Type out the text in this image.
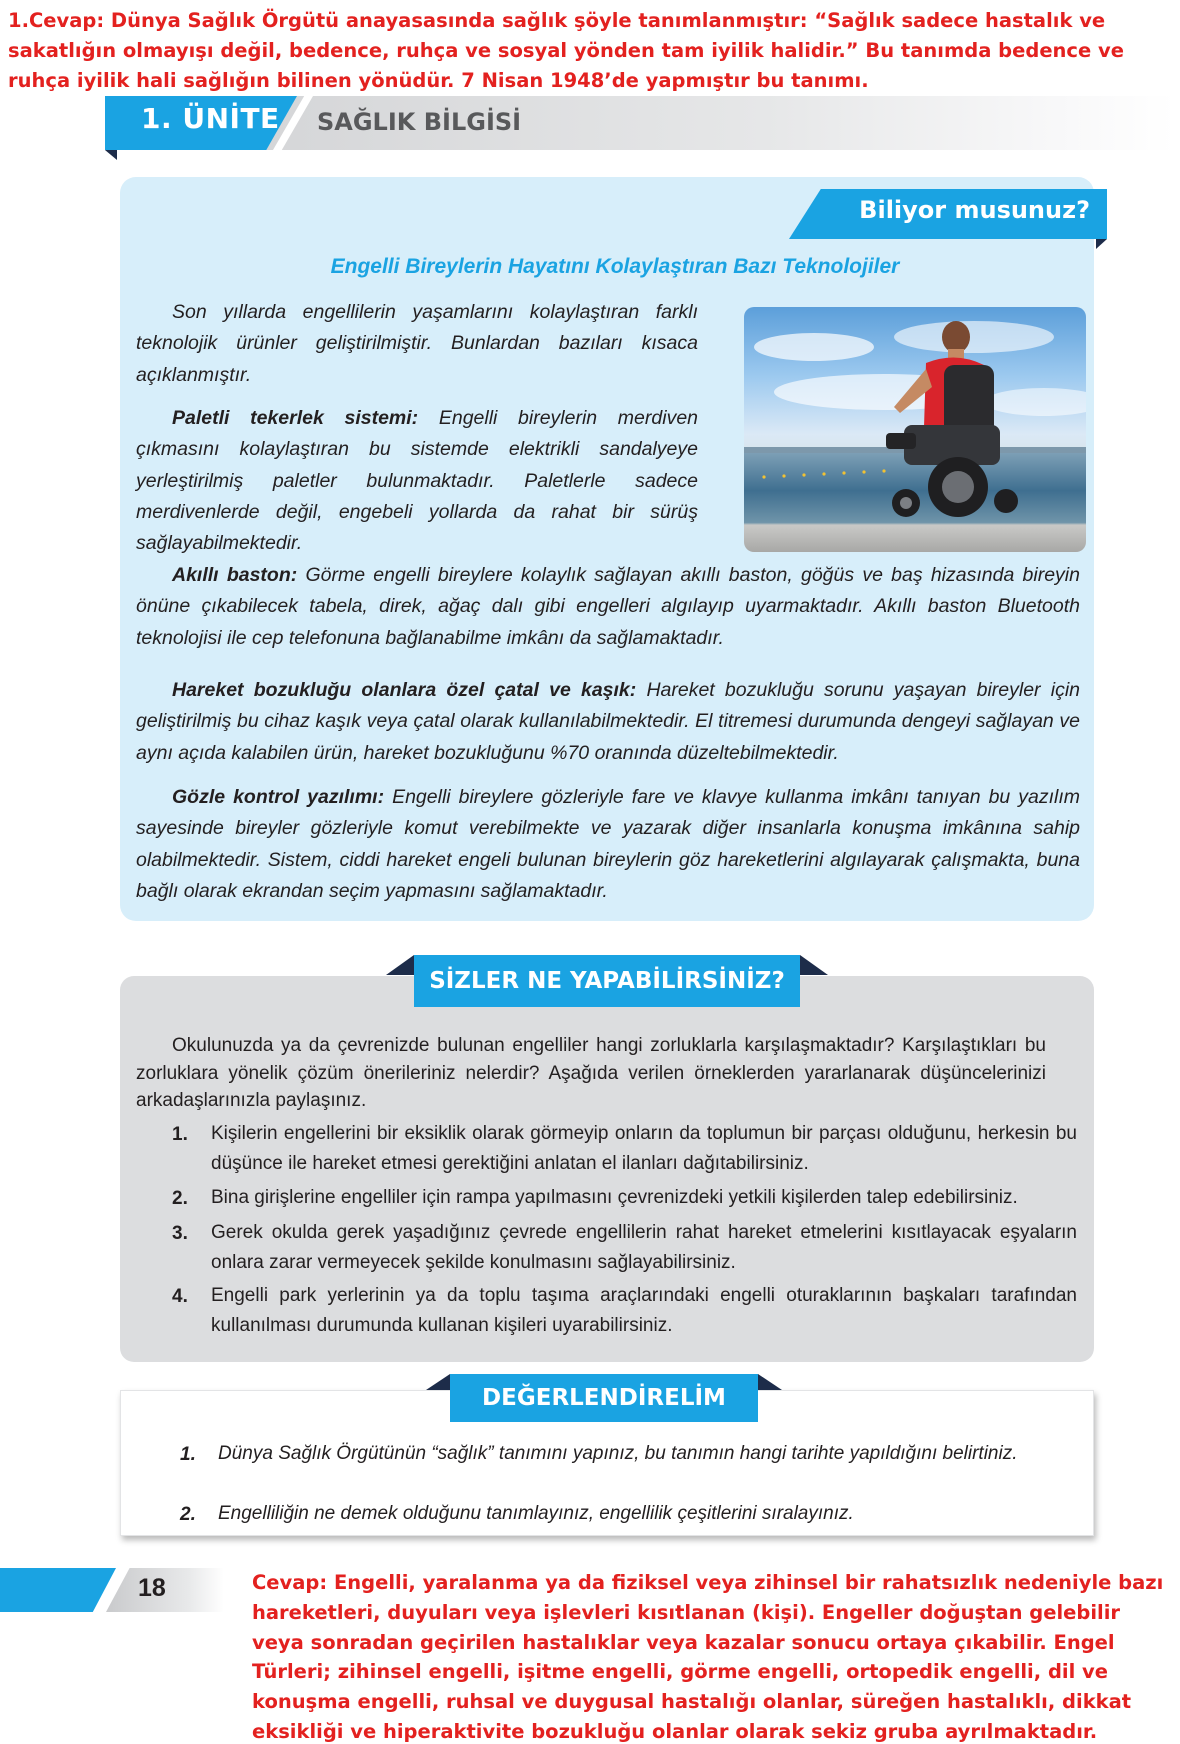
1.Cevap: Dünya Sağlık Örgütü anayasasında sağlık şöyle tanımlanmıştır: “Sağlık sadece hastalık ve sakatlığın olmayışı değil, bedence, ruhça ve sosyal yönden tam iyilik halidir.” Bu tanımda bedence ve ruhça iyilik hali sağlığın bilinen yönüdür. 7 Nisan 1948’de yapmıştır bu tanımı.
1. ÜNİTE SAĞLIK BİLGİSİ
Biliyor musunuz?
Engelli Bireylerin Hayatını Kolaylaştıran Bazı Teknolojiler
Son yıllarda engellilerin yaşamlarını kolaylaştıran farklı teknolojik ürünler geliştirilmiştir. Bunlardan bazıları kısaca açıklanmıştır.
Paletli tekerlek sistemi: Engelli bireylerin merdiven çıkmasını kolaylaştıran bu sistemde elektrikli sandalyeye yerleştirilmiş paletler bulunmaktadır. Paletlerle sadece merdivenlerde değil, engebeli yollarda da rahat bir sürüş sağlayabilmektedir.
Akıllı baston: Görme engelli bireylere kolaylık sağlayan akıllı baston, göğüs ve baş hizasında bireyin önüne çıkabilecek tabela, direk, ağaç dalı gibi engelleri algılayıp uyarmaktadır. Akıllı baston Bluetooth teknolojisi ile cep telefonuna bağlanabilme imkânı da sağlamaktadır.
Hareket bozukluğu olanlara özel çatal ve kaşık: Hareket bozukluğu sorunu yaşayan bireyler için geliştirilmiş bu cihaz kaşık veya çatal olarak kullanılabilmektedir. El titremesi durumunda dengeyi sağlayan ve aynı açıda kalabilen ürün, hareket bozukluğunu %70 oranında düzeltebilmektedir.
Gözle kontrol yazılımı: Engelli bireylere gözleriyle fare ve klavye kullanma imkânı tanıyan bu yazılım sayesinde bireyler gözleriyle komut verebilmekte ve yazarak diğer insanlarla konuşma imkânına sahip olabilmektedir. Sistem, ciddi hareket engeli bulunan bireylerin göz hareketlerini algılayarak çalışmakta, buna bağlı olarak ekrandan seçim yapmasını sağlamaktadır.
SİZLER NE YAPABİLİRSİNİZ?
Okulunuzda ya da çevrenizde bulunan engelliler hangi zorluklarla karşılaşmaktadır? Karşılaştıkları bu zorluklara yönelik çözüm önerileriniz nelerdir? Aşağıda verilen örneklerden yararlanarak düşüncelerinizi arkadaşlarınızla paylaşınız.
1. Kişilerin engellerini bir eksiklik olarak görmeyip onların da toplumun bir parçası olduğunu, herkesin bu düşünce ile hareket etmesi gerektiğini anlatan el ilanları dağıtabilirsiniz.
2. Bina girişlerine engelliler için rampa yapılmasını çevrenizdeki yetkili kişilerden talep edebilirsiniz.
3. Gerek okulda gerek yaşadığınız çevrede engellilerin rahat hareket etmelerini kısıtlayacak eşyaların onlara zarar vermeyecek şekilde konulmasını sağlayabilirsiniz.
4. Engelli park yerlerinin ya da toplu taşıma araçlarındaki engelli oturaklarının başkaları tarafından kullanılması durumunda kullanan kişileri uyarabilirsiniz.
DEĞERLENDİRELİM
1. Dünya Sağlık Örgütünün “sağlık” tanımını yapınız, bu tanımın hangi tarihte yapıldığını belirtiniz.
2. Engelliliğin ne demek olduğunu tanımlayınız, engellilik çeşitlerini sıralayınız.
18	Cevap: Engelli, yaralanma ya da fiziksel veya zihinsel bir rahatsızlık nedeniyle bazı hareketleri, duyuları veya işlevleri kısıtlanan (kişi). Engeller doğuştan gelebilir veya sonradan geçirilen hastalıklar veya kazalar sonucu ortaya çıkabilir. Engel Türleri; zihinsel engelli, işitme engelli, görme engelli, ortopedik engelli, dil ve konuşma engelli, ruhsal ve duygusal hastalığı olanlar, süreğen hastalıklı, dikkat eksikliği ve hiperaktivite bozukluğu olanlar olarak sekiz gruba ayrılmaktadır.
